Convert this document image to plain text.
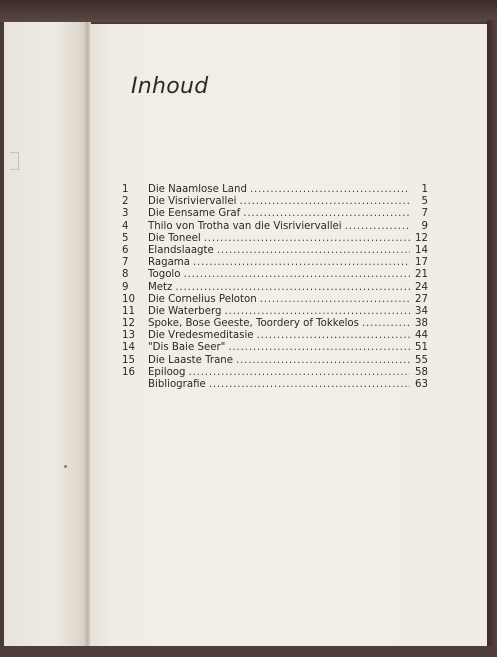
Inhoud
1	Die Naamlose Land . . .	1
2	Die Visriviervallei . . .	5
3	Die Eensame Graf . . .	7
4	Thilo von Trotha van die Visriviervallei . . .	9
5	Die Toneel . . .	12
6	Elandslaagte . . .	14
7	Ragama . . .	17
8	Togolo . . .	21
9	Metz . . .	24
10	Die Cornelius Peloton . . .	27
11	Die Waterberg . . .	34
12	Spoke, Bose Geeste, Toordery of Tokkelos . . .	38
13	Die Vredesmeditasie . . .	44
14	"Dis Baie Seer" . . .	51
15	Die Laaste Trane . . .	55
16	Epiloog . . .	58
Bibliografie . . .	63
